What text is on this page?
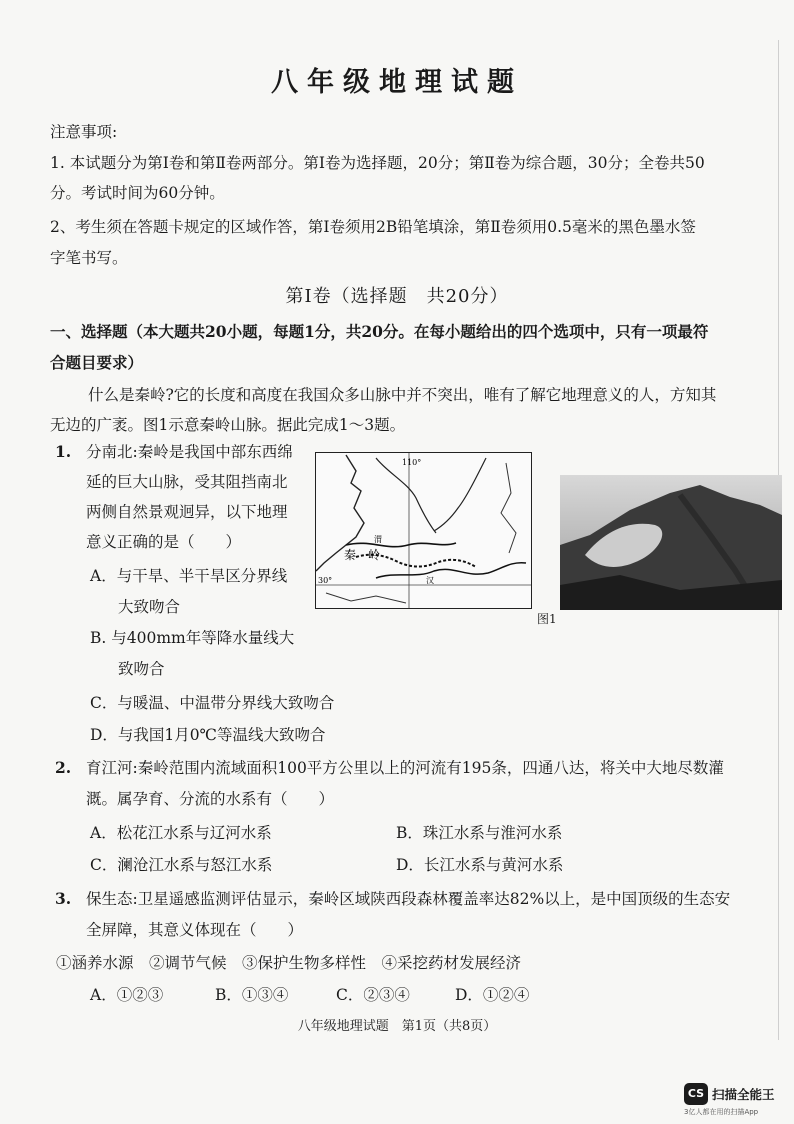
八年级地理试题
注意事项:
1. 本试题分为第Ⅰ卷和第Ⅱ卷两部分。第Ⅰ卷为选择题，20分；第Ⅱ卷为综合题，30分；全卷共50
分。考试时间为60分钟。
2、考生须在答题卡规定的区域作答，第Ⅰ卷须用2B铅笔填涂，第Ⅱ卷须用0.5毫米的黑色墨水签
字笔书写。
第Ⅰ卷（选择题　共20分）
一、选择题（本大题共20小题，每题1分，共20分。在每小题给出的四个选项中，只有一项最符
合题目要求）
什么是秦岭?它的长度和高度在我国众多山脉中并不突出，唯有了解它地理意义的人，方知其
无边的广袤。图1示意秦岭山脉。据此完成1～3题。
1. 分南北:秦岭是我国中部东西绵
延的巨大山脉，受其阻挡南北
两侧自然景观迥异，以下地理
意义正确的是（　　）
A．与干旱、半干旱区分界线
大致吻合
B. 与400mm年等降水量线大
致吻合
C．与暖温、中温带分界线大致吻合
D．与我国1月0℃等温线大致吻合
110°
30°
渭
汉
秦　岭
图1
2. 育江河:秦岭范围内流域面积100平方公里以上的河流有195条，四通八达，将关中大地尽数灌
溉。属孕育、分流的水系有（　　）
A．松花江水系与辽河水系	B．珠江水系与淮河水系
C．澜沧江水系与怒江水系	D．长江水系与黄河水系
3. 保生态:卫星遥感监测评估显示，秦岭区域陕西段森林覆盖率达82%以上，是中国顶级的生态安
全屏障，其意义体现在（　　）
①涵养水源　②调节气候　③保护生物多样性　④采挖药材发展经济
A．①②③	B．①③④	C．②③④	D．①②④
八年级地理试题　第1页（共8页）
CS 扫描全能王
3亿人都在用的扫描App
